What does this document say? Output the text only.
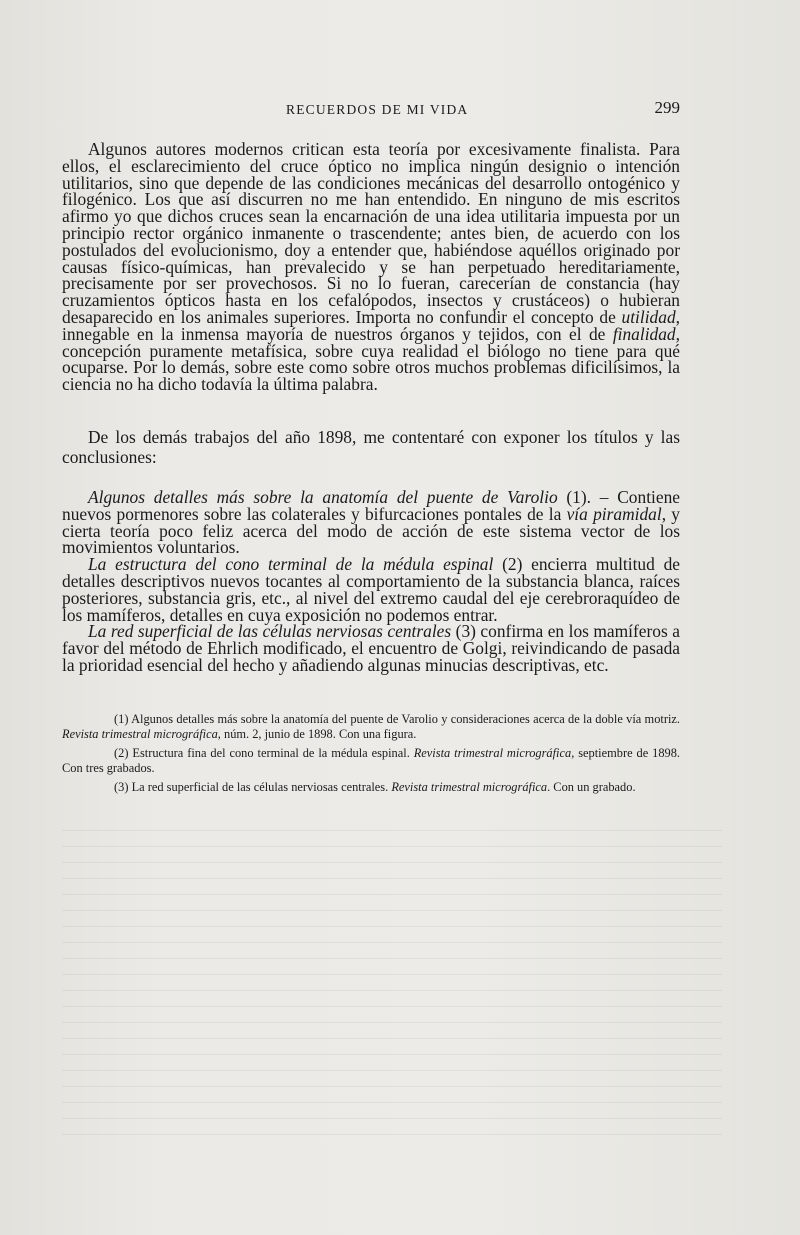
RECUERDOS DE MI VIDA	299

Algunos autores modernos critican esta teoría por excesivamente finalista. Para ellos, el esclarecimiento del cruce óptico no implica ningún designio o intención utilitarios, sino que depende de las condiciones mecánicas del desarrollo ontogénico y filogénico. Los que así discurren no me han entendido. En ninguno de mis escritos afirmo yo que dichos cruces sean la encarnación de una idea utilitaria impuesta por un principio rector orgánico inmanente o trascendente; antes bien, de acuerdo con los postulados del evolucionismo, doy a entender que, habiéndose aquéllos originado por causas físico-químicas, han prevalecido y se han perpetuado hereditariamente, precisamente por ser provechosos. Si no lo fueran, carecerían de constancia (hay cruzamientos ópticos hasta en los cefalópodos, insectos y crustáceos) o hubieran desaparecido en los animales superiores. Importa no confundir el concepto de utilidad, innegable en la inmensa mayoría de nuestros órganos y tejidos, con el de finalidad, concepción puramente metafísica, sobre cuya realidad el biólogo no tiene para qué ocuparse. Por lo demás, sobre este como sobre otros muchos problemas dificilísimos, la ciencia no ha dicho todavía la última palabra.

De los demás trabajos del año 1898, me contentaré con exponer los títulos y las conclusiones:

Algunos detalles más sobre la anatomía del puente de Varolio (1). – Contiene nuevos pormenores sobre las colaterales y bifurcaciones pontales de la vía piramidal, y cierta teoría poco feliz acerca del modo de acción de este sistema vector de los movimientos voluntarios.

La estructura del cono terminal de la médula espinal (2) encierra multitud de detalles descriptivos nuevos tocantes al comportamiento de la substancia blanca, raíces posteriores, substancia gris, etc., al nivel del extremo caudal del eje cerebroraquídeo de los mamíferos, detalles en cuya exposición no podemos entrar.

La red superficial de las células nerviosas centrales (3) confirma en los mamíferos a favor del método de Ehrlich modificado, el encuentro de Golgi, reivindicando de pasada la prioridad esencial del hecho y añadiendo algunas minucias descriptivas, etc.

(1) Algunos detalles más sobre la anatomía del puente de Varolio y consideraciones acerca de la doble vía motriz. Revista trimestral micrográfica, núm. 2, junio de 1898. Con una figura.

(2) Estructura fina del cono terminal de la médula espinal. Revista trimestral micrográfica, septiembre de 1898. Con tres grabados.

(3) La red superficial de las células nerviosas centrales. Revista trimestral micrográfica. Con un grabado.
